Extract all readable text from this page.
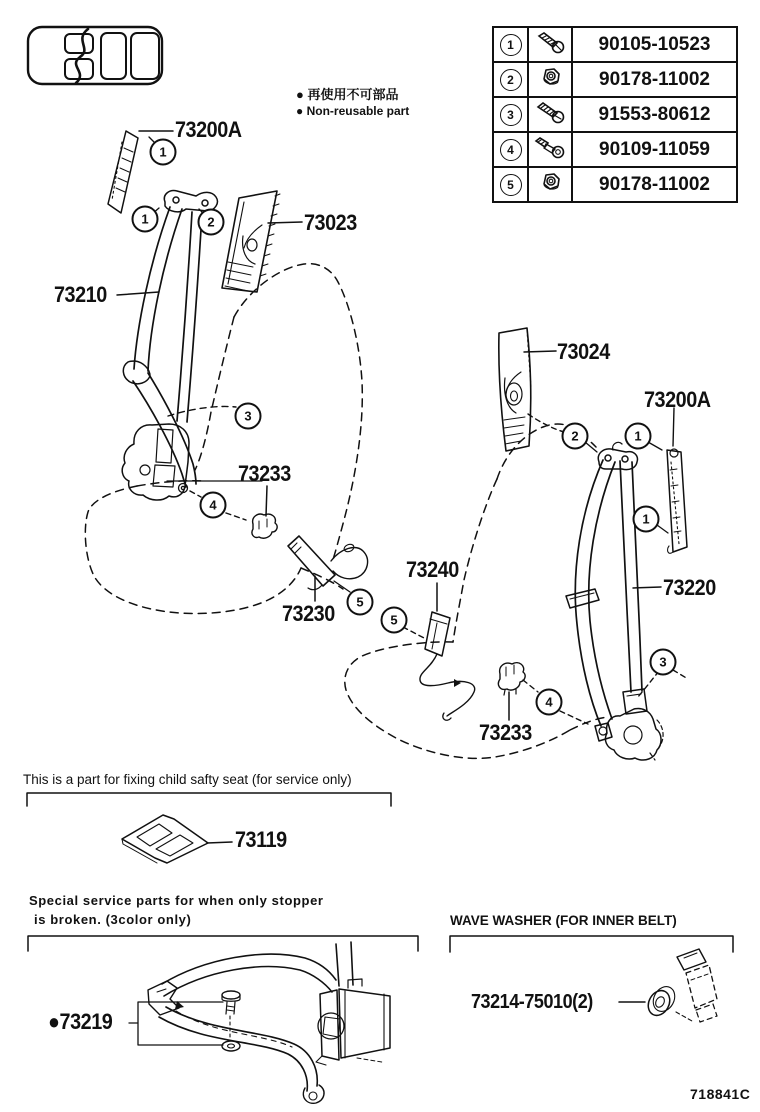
● 再使用不可部品
● Non-reusable part
1		90105-10523
2		90178-11002
3		91553-80612
4		90109-11059
5		90178-11002
73200A
73023
73210
73233
73230
73240
73233
73024
73200A
73220
73119
●73219
73214-75010(2)
1
1	2
3
4
5
5
2	1
1
3
4
This is a part for fixing child safty seat (for service only)
Special service parts for when only stopper
is broken. (3color only)	WAVE WASHER (FOR INNER BELT)
718841C
